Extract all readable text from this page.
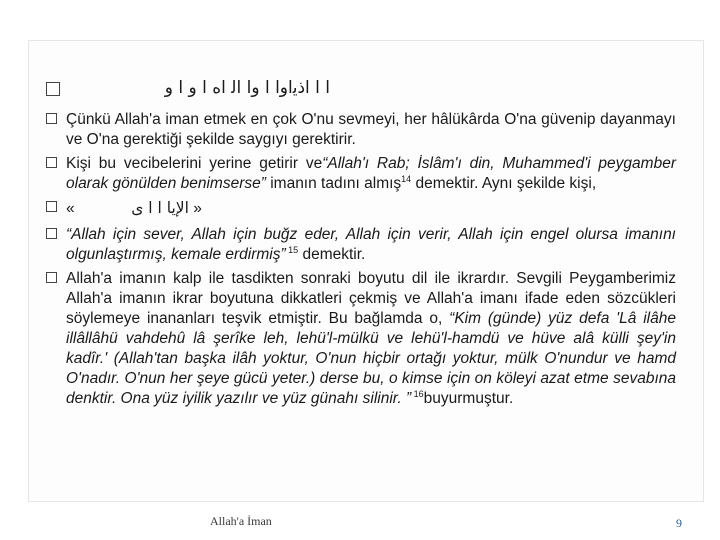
ا ا اﺫﻳﺍﻭﺍ ﺍ ﻭﺍ ﺍﻟ ﺍﻩ ﺍ ﻭ ﺍ ﻭ

Çünkü Allah'a iman etmek en çok O'nu sevmeyi, her hâlükârda O'na güvenip dayanmayı ve O'na gerektiği şekilde saygıyı gerektirir.

Kişi bu vecibelerini yerine getirir ve“Allah'ı Rab; İslâm'ı din, Muhammed'i peygamber olarak gönülden benimserse” imanın tadını almış$^{14}$ demektir. Aynı şekilde kişi,

«	ﺍﻹﻳﺎ ﺍ ﺍ ﻯ »

“Allah için sever, Allah için buğz eder, Allah için verir, Allah için engel olursa imanını olgunlaştırmış, kemale erdirmiş” $^{15}$ demektir.

Allah'a imanın kalp ile tasdikten sonraki boyutu dil ile ikrardır. Sevgili Peygamberimiz Allah'a imanın ikrar boyutuna dikkatleri çekmiş ve Allah'a imanı ifade eden sözcükleri söylemeye inananları teşvik etmiştir. Bu bağlamda o, “Kim (günde) yüz defa 'Lâ ilâhe illâllâhü vahdehû lâ şerîke leh, lehü'l-mülkü ve lehü'l-hamdü ve hüve alâ külli şey'in kadîr.' (Allah'tan başka ilâh yoktur, O'nun hiçbir ortağı yoktur, mülk O'nundur ve hamd O'nadır. O'nun her şeye gücü yeter.) derse bu, o kimse için on köleyi azat etme sevabına denktir. Ona yüz iyilik yazılır ve yüz günahı silinir. ” $^{16}$buyurmuştur.

Allah'a İman	9
